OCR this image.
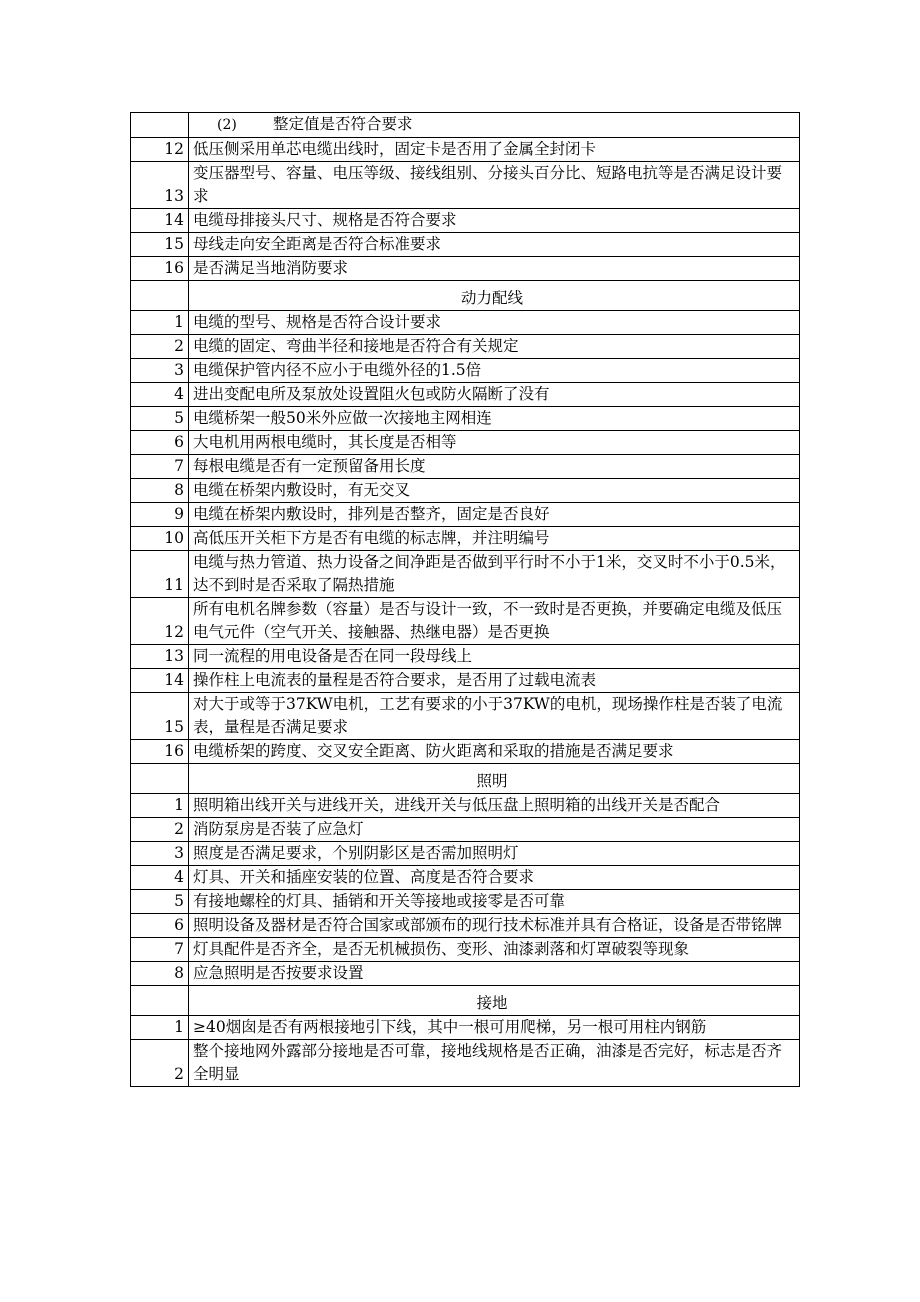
	(2) 整定值是否符合要求
12	低压侧采用单芯电缆出线时，固定卡是否用了金属全封闭卡
13	变压器型号、容量、电压等级、接线组别、分接头百分比、短路电抗等是否满足设计要求
14	电缆母排接头尺寸、规格是否符合要求
15	母线走向安全距离是否符合标准要求
16	是否满足当地消防要求
	动力配线
1	电缆的型号、规格是否符合设计要求
2	电缆的固定、弯曲半径和接地是否符合有关规定
3	电缆保护管内径不应小于电缆外径的1.5倍
4	进出变配电所及泵放处设置阻火包或防火隔断了没有
5	电缆桥架一般50米外应做一次接地主网相连
6	大电机用两根电缆时，其长度是否相等
7	每根电缆是否有一定预留备用长度
8	电缆在桥架内敷设时，有无交叉
9	电缆在桥架内敷设时，排列是否整齐，固定是否良好
10	高低压开关柜下方是否有电缆的标志牌，并注明编号
11	电缆与热力管道、热力设备之间净距是否做到平行时不小于1米，交叉时不小于0.5米，达不到时是否采取了隔热措施
12	所有电机名牌参数（容量）是否与设计一致，不一致时是否更换，并要确定电缆及低压电气元件（空气开关、接触器、热继电器）是否更换
13	同一流程的用电设备是否在同一段母线上
14	操作柱上电流表的量程是否符合要求，是否用了过载电流表
15	对大于或等于37KW电机，工艺有要求的小于37KW的电机，现场操作柱是否装了电流表，量程是否满足要求
16	电缆桥架的跨度、交叉安全距离、防火距离和采取的措施是否满足要求
	照明
1	照明箱出线开关与进线开关，进线开关与低压盘上照明箱的出线开关是否配合
2	消防泵房是否装了应急灯
3	照度是否满足要求，个别阴影区是否需加照明灯
4	灯具、开关和插座安装的位置、高度是否符合要求
5	有接地螺栓的灯具、插销和开关等接地或接零是否可靠
6	照明设备及器材是否符合国家或部颁布的现行技术标准并具有合格证，设备是否带铭牌
7	灯具配件是否齐全，是否无机械损伤、变形、油漆剥落和灯罩破裂等现象
8	应急照明是否按要求设置
	接地
1	≥40烟囱是否有两根接地引下线，其中一根可用爬梯，另一根可用柱内钢筋
2	整个接地网外露部分接地是否可靠，接地线规格是否正确，油漆是否完好，标志是否齐全明显
